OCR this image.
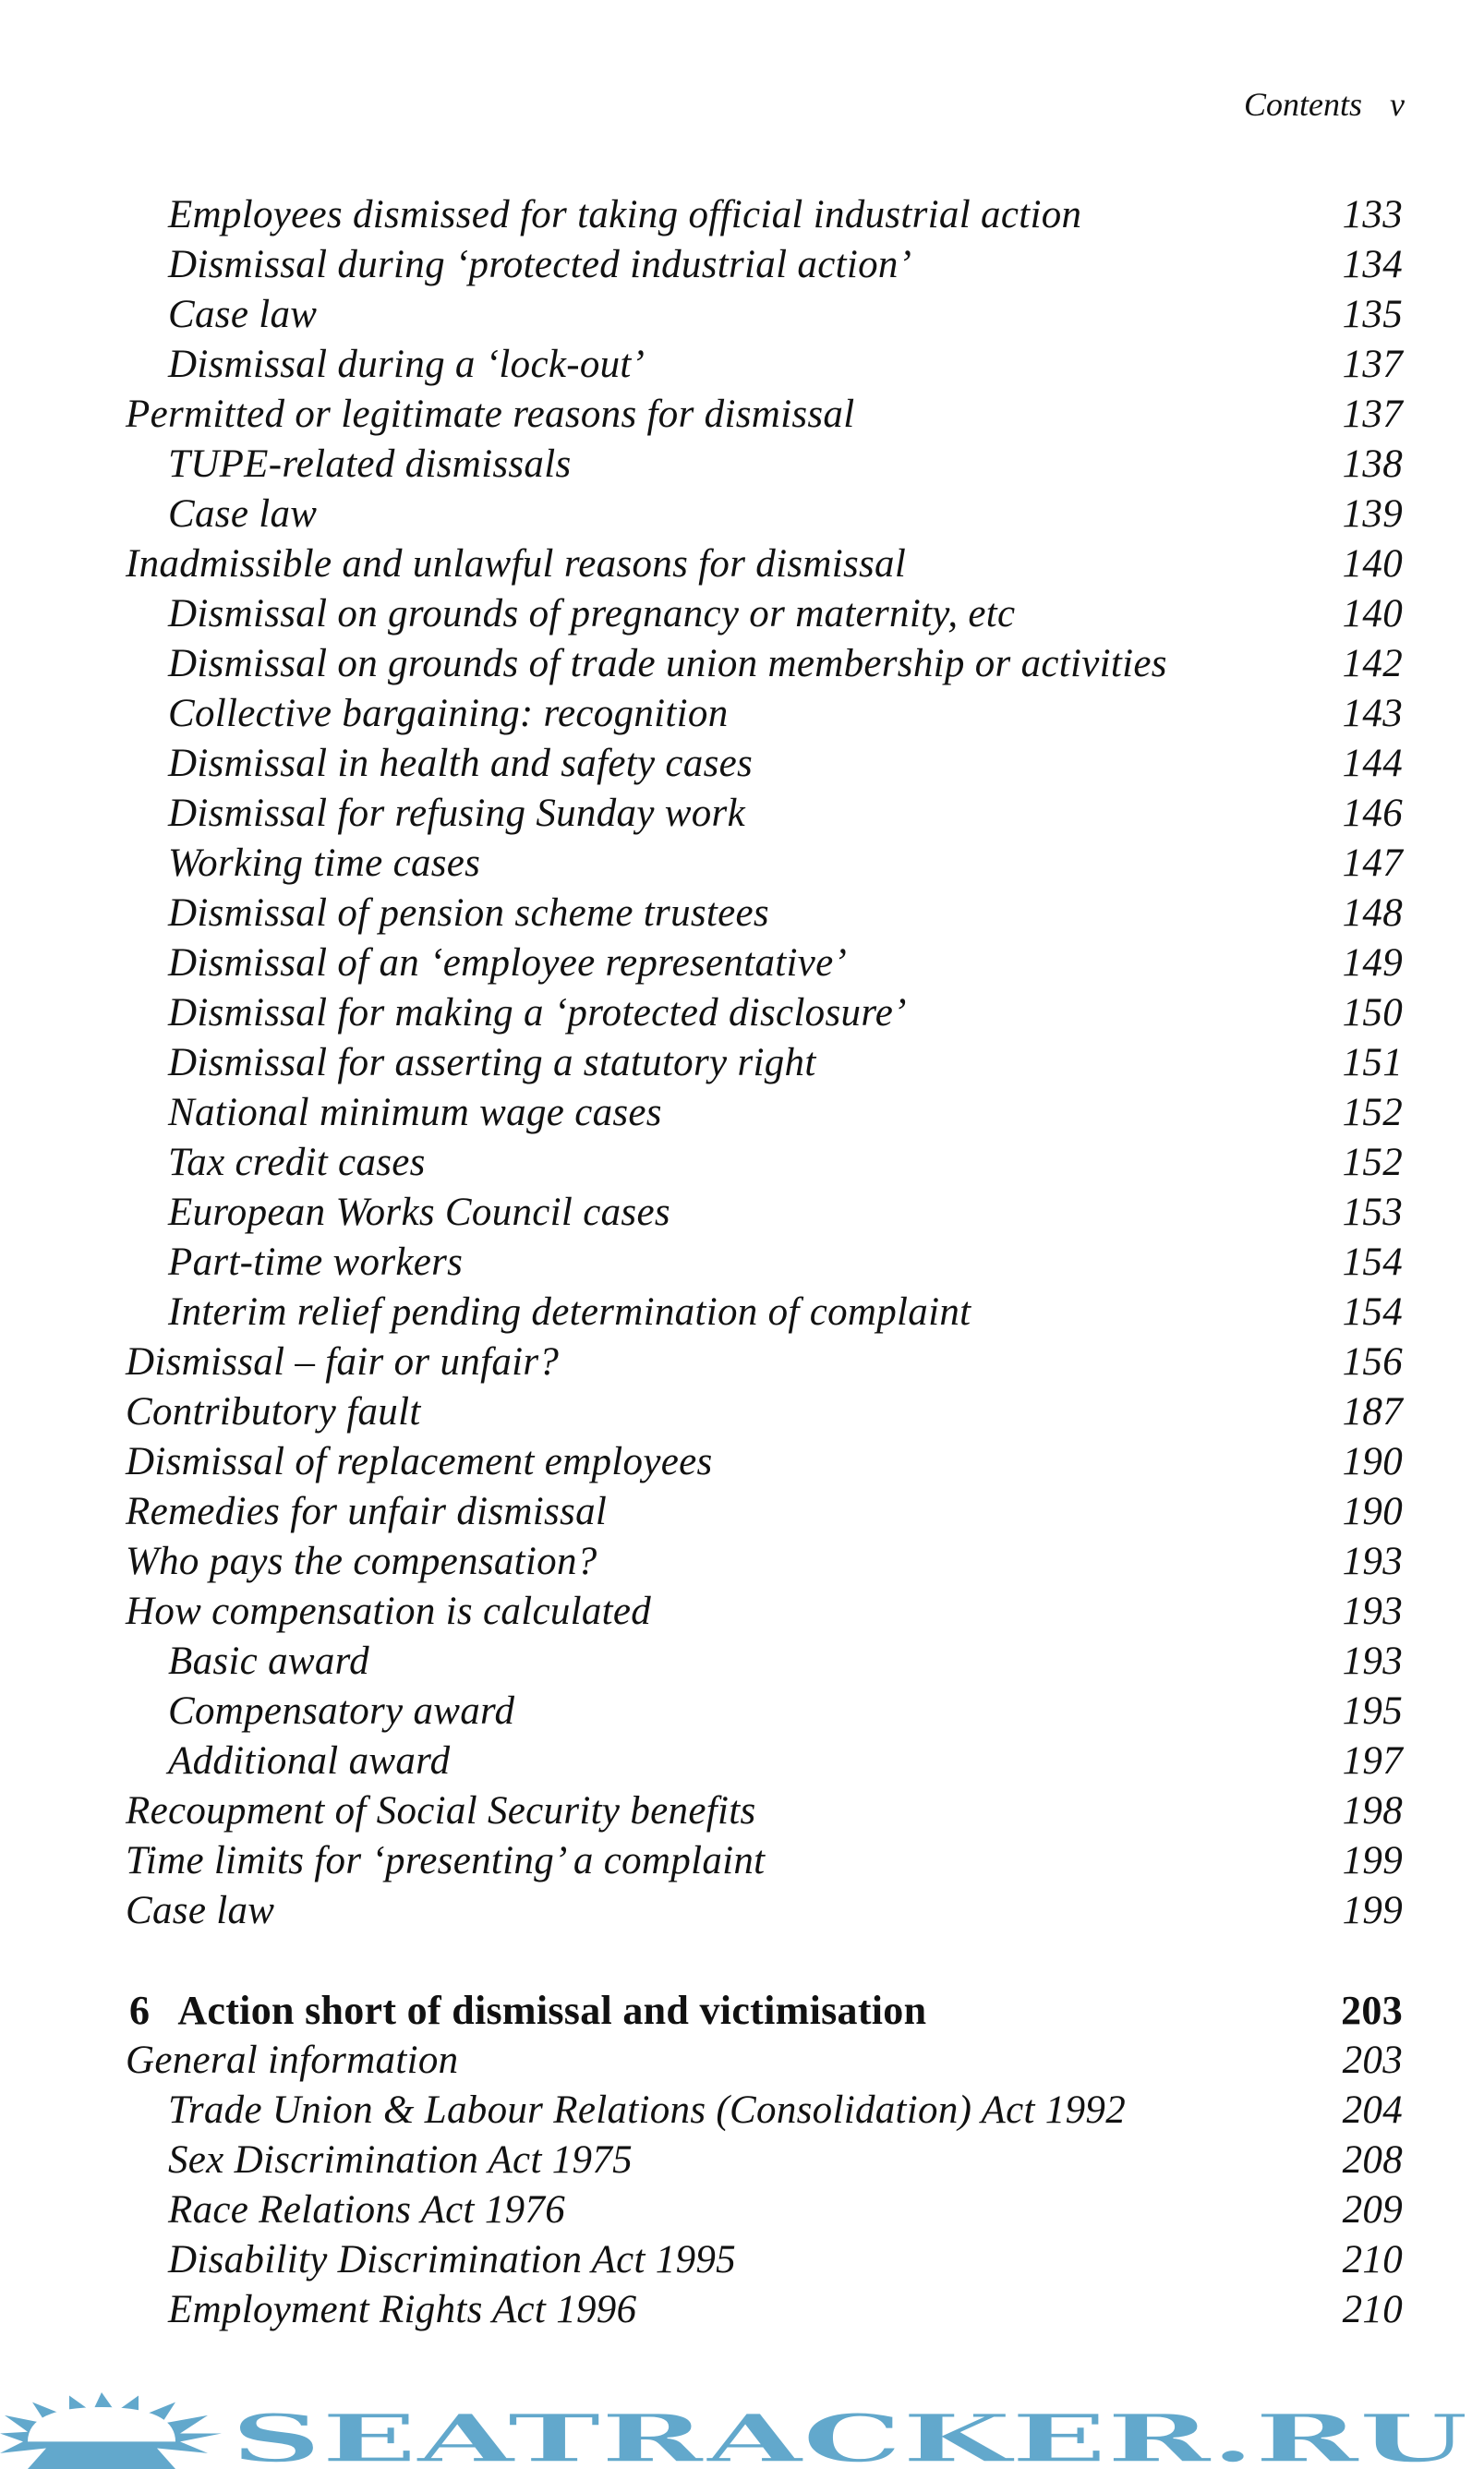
Contents v
Employees dismissed for taking official industrial action	133
Dismissal during ‘protected industrial action’	134
Case law	135
Dismissal during a ‘lock-out’	137
Permitted or legitimate reasons for dismissal	137
TUPE-related dismissals	138
Case law	139
Inadmissible and unlawful reasons for dismissal	140
Dismissal on grounds of pregnancy or maternity, etc	140
Dismissal on grounds of trade union membership or activities	142
Collective bargaining: recognition	143
Dismissal in health and safety cases	144
Dismissal for refusing Sunday work	146
Working time cases	147
Dismissal of pension scheme trustees	148
Dismissal of an ‘employee representative’	149
Dismissal for making a ‘protected disclosure’	150
Dismissal for asserting a statutory right	151
National minimum wage cases	152
Tax credit cases	152
European Works Council cases	153
Part-time workers	154
Interim relief pending determination of complaint	154
Dismissal – fair or unfair?	156
Contributory fault	187
Dismissal of replacement employees	190
Remedies for unfair dismissal	190
Who pays the compensation?	193
How compensation is calculated	193
Basic award	193
Compensatory award	195
Additional award	197
Recoupment of Social Security benefits	198
Time limits for ‘presenting’ a complaint	199
Case law	199
6 Action short of dismissal and victimisation	203
General information	203
Trade Union & Labour Relations (Consolidation) Act 1992	204
Sex Discrimination Act 1975	208
Race Relations Act 1976	209
Disability Discrimination Act 1995	210
Employment Rights Act 1996	210
SEATRACKER.RU
